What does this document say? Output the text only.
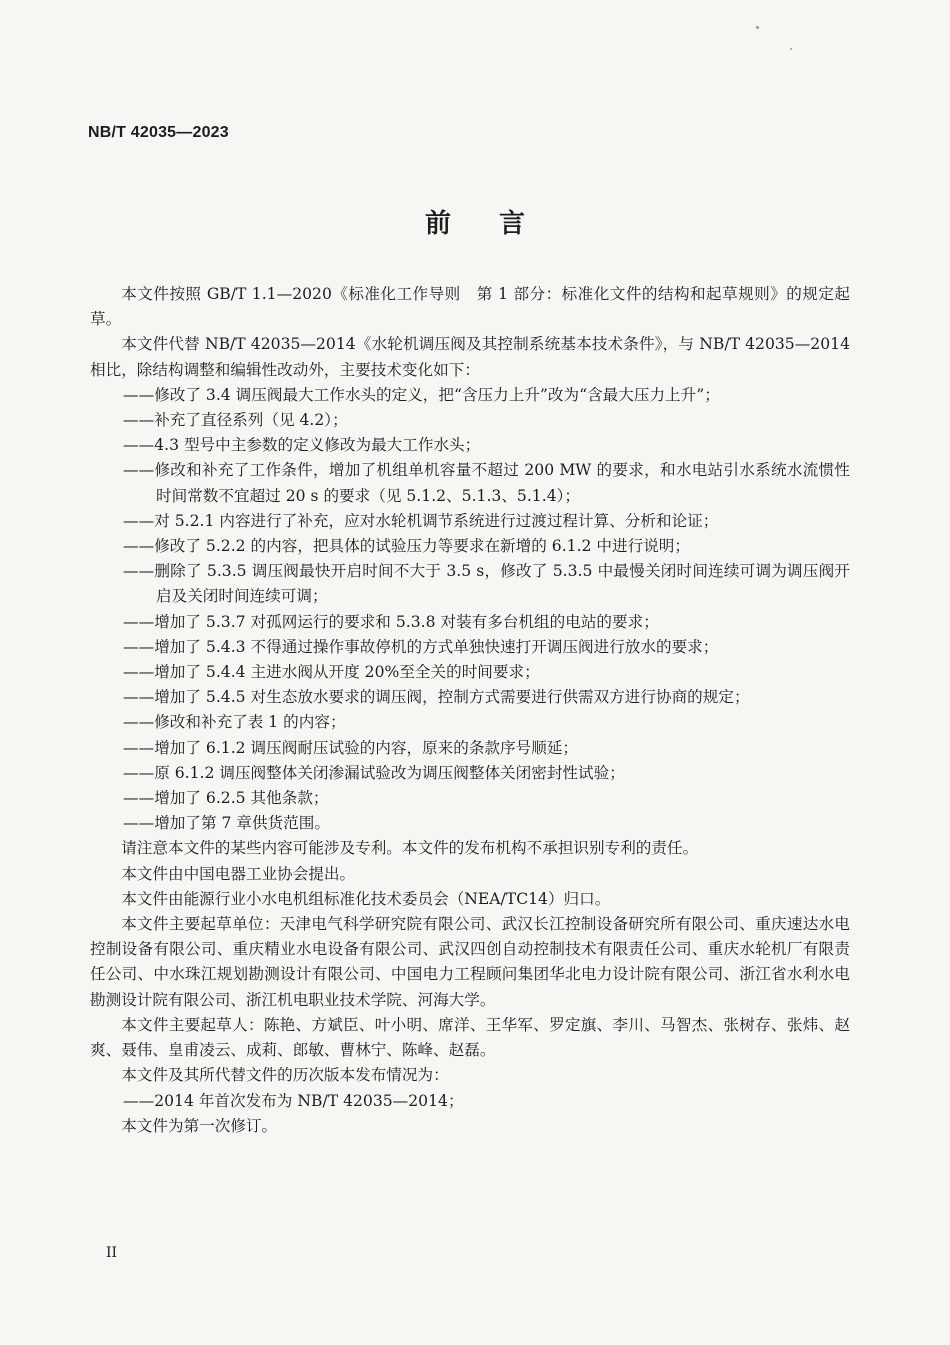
NB/T 42035—2023
前言

本文件按照 GB/T 1.1—2020《标准化工作导则　第 1 部分：标准化文件的结构和起草规则》的规定起草。

本文件代替 NB/T 42035—2014《水轮机调压阀及其控制系统基本技术条件》，与 NB/T 42035—2014 相比，除结构调整和编辑性改动外，主要技术变化如下：

——修改了 3.4 调压阀最大工作水头的定义，把“含压力上升”改为“含最大压力上升”；

——补充了直径系列（见 4.2）；

——4.3 型号中主参数的定义修改为最大工作水头；

——修改和补充了工作条件，增加了机组单机容量不超过 200 MW 的要求，和水电站引水系统水流惯性时间常数不宜超过 20 s 的要求（见 5.1.2、5.1.3、5.1.4）；

——对 5.2.1 内容进行了补充，应对水轮机调节系统进行过渡过程计算、分析和论证；

——修改了 5.2.2 的内容，把具体的试验压力等要求在新增的 6.1.2 中进行说明；

——删除了 5.3.5 调压阀最快开启时间不大于 3.5 s，修改了 5.3.5 中最慢关闭时间连续可调为调压阀开启及关闭时间连续可调；

——增加了 5.3.7 对孤网运行的要求和 5.3.8 对装有多台机组的电站的要求；

——增加了 5.4.3 不得通过操作事故停机的方式单独快速打开调压阀进行放水的要求；

——增加了 5.4.4 主进水阀从开度 20%至全关的时间要求；

——增加了 5.4.5 对生态放水要求的调压阀，控制方式需要进行供需双方进行协商的规定；

——修改和补充了表 1 的内容；

——增加了 6.1.2 调压阀耐压试验的内容，原来的条款序号顺延；

——原 6.1.2 调压阀整体关闭渗漏试验改为调压阀整体关闭密封性试验；

——增加了 6.2.5 其他条款；

——增加了第 7 章供货范围。

请注意本文件的某些内容可能涉及专利。本文件的发布机构不承担识别专利的责任。

本文件由中国电器工业协会提出。

本文件由能源行业小水电机组标准化技术委员会（NEA/TC14）归口。

本文件主要起草单位：天津电气科学研究院有限公司、武汉长江控制设备研究所有限公司、重庆速达水电控制设备有限公司、重庆精业水电设备有限公司、武汉四创自动控制技术有限责任公司、重庆水轮机厂有限责任公司、中水珠江规划勘测设计有限公司、中国电力工程顾问集团华北电力设计院有限公司、浙江省水利水电勘测设计院有限公司、浙江机电职业技术学院、河海大学。

本文件主要起草人：陈艳、方斌臣、叶小明、席洋、王华军、罗定旗、李川、马智杰、张树存、张炜、赵爽、聂伟、皇甫凌云、成莉、郎敏、曹林宁、陈峰、赵磊。

本文件及其所代替文件的历次版本发布情况为：

——2014 年首次发布为 NB/T 42035—2014；

本文件为第一次修订。

II
